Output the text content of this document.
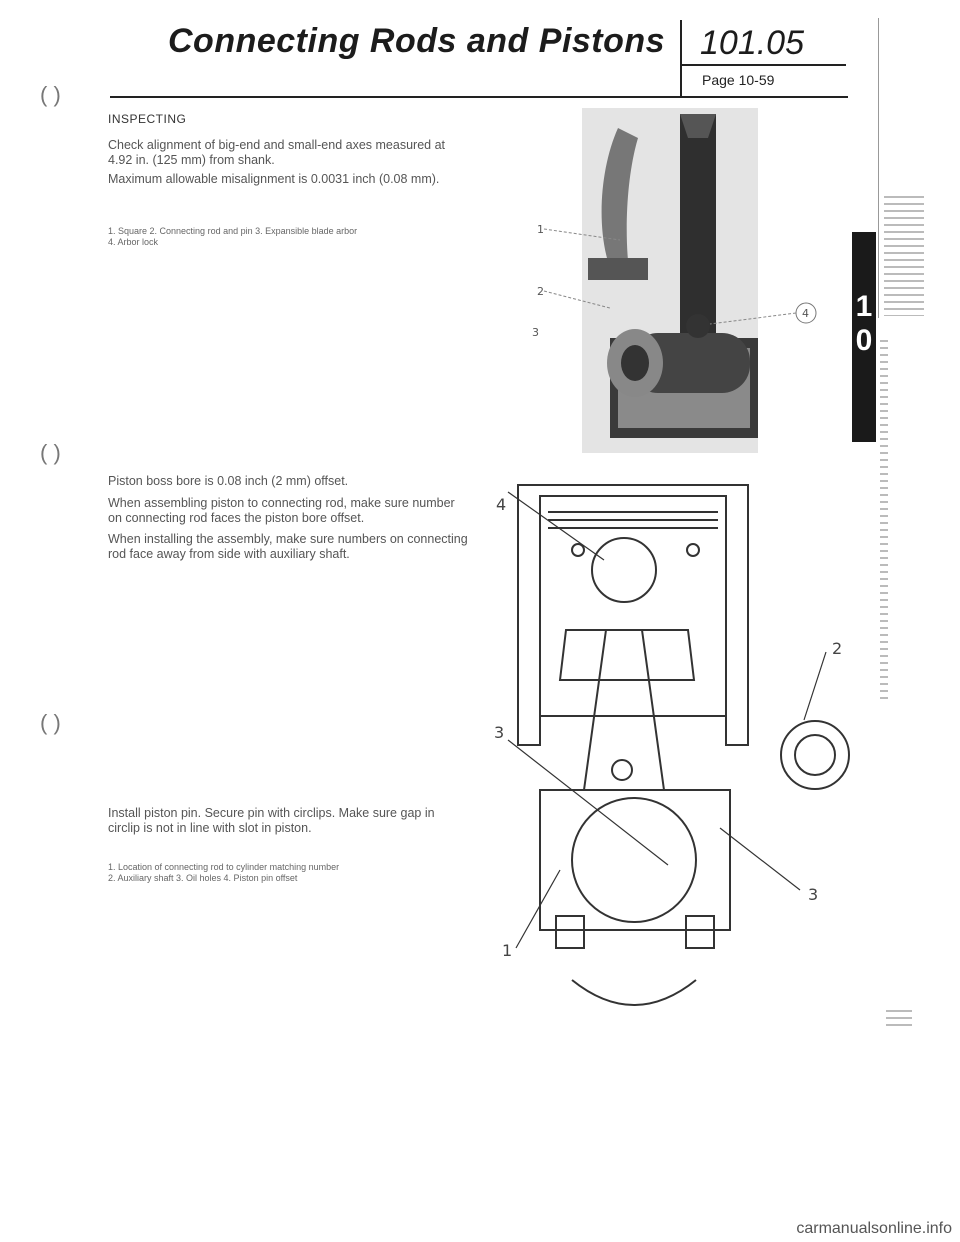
Connecting Rods and Pistons 101.05
Page 10-59
( )
( )
( )
INSPECTING
Check alignment of big-end and small-end axes measured at 4.92 in. (125 mm) from shank.
Maximum allowable misalignment is 0.0031 inch (0.08 mm).
1. Square 2. Connecting rod and pin 3. Expansible blade arbor
4. Arbor lock
1
2
3
4 1
0
Piston boss bore is 0.08 inch (2 mm) offset.
When assembling piston to connecting rod, make sure number on connecting rod faces the piston bore offset.
When installing the assembly, make sure numbers on connecting rod face away from side with auxiliary shaft.
4
2
3
3
1
Install piston pin. Secure pin with circlips. Make sure gap in circlip is not in line with slot in piston.
1. Location of connecting rod to cylinder matching number
2. Auxiliary shaft 3. Oil holes 4. Piston pin offset
carmanualsonline.info
